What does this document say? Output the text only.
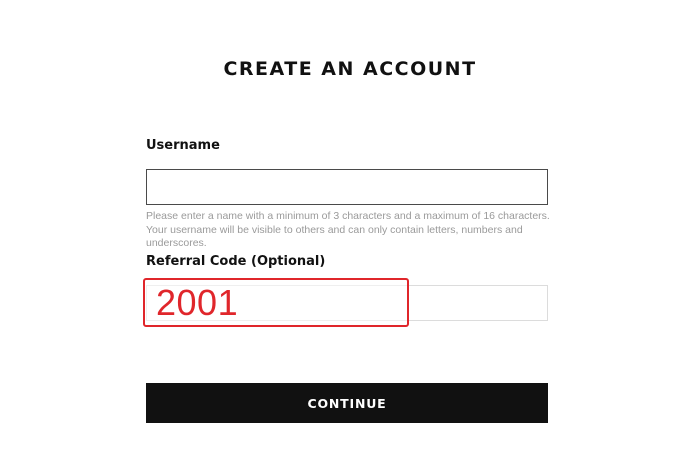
CREATE AN ACCOUNT
Username

Please enter a name with a minimum of 3 characters and a maximum of 16 characters. Your username will be visible to others and can only contain letters, numbers and underscores.

Referral Code (Optional)
2001
CONTINUE
